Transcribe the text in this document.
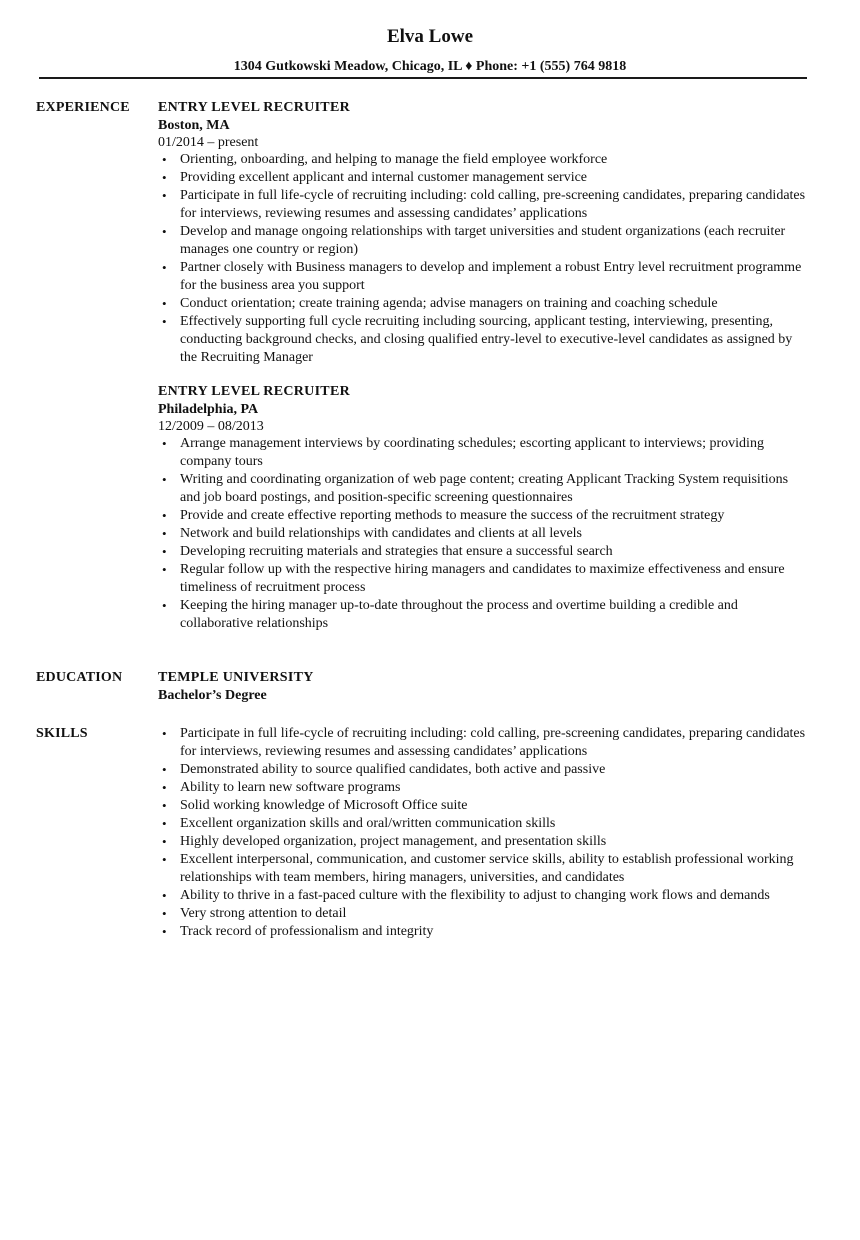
Elva Lowe
1304 Gutkowski Meadow, Chicago, IL ♦ Phone: +1 (555) 764 9818
EXPERIENCE ENTRY LEVEL RECRUITER
Boston, MA
01/2014 – present
• Orienting, onboarding, and helping to manage the field employee workforce
• Providing excellent applicant and internal customer management service
• Participate in full life-cycle of recruiting including: cold calling, pre-screening candidates, preparing candidates for interviews, reviewing resumes and assessing candidates’ applications
• Develop and manage ongoing relationships with target universities and student organizations (each recruiter manages one country or region)
• Partner closely with Business managers to develop and implement a robust Entry level recruitment programme for the business area you support
• Conduct orientation; create training agenda; advise managers on training and coaching schedule
• Effectively supporting full cycle recruiting including sourcing, applicant testing, interviewing, presenting, conducting background checks, and closing qualified entry-level to executive-level candidates as assigned by the Recruiting Manager
ENTRY LEVEL RECRUITER
Philadelphia, PA
12/2009 – 08/2013
• Arrange management interviews by coordinating schedules; escorting applicant to interviews; providing company tours
• Writing and coordinating organization of web page content; creating Applicant Tracking System requisitions and job board postings, and position-specific screening questionnaires
• Provide and create effective reporting methods to measure the success of the recruitment strategy
• Network and build relationships with candidates and clients at all levels
• Developing recruiting materials and strategies that ensure a successful search
• Regular follow up with the respective hiring managers and candidates to maximize effectiveness and ensure timeliness of recruitment process
• Keeping the hiring manager up-to-date throughout the process and overtime building a credible and collaborative relationships
EDUCATION	TEMPLE UNIVERSITY
Bachelor’s Degree
SKILLS
•	Participate in full life-cycle of recruiting including: cold calling, pre-screening candidates, preparing candidates for interviews, reviewing resumes and assessing candidates’ applications
• Demonstrated ability to source qualified candidates, both active and passive
• Ability to learn new software programs
• Solid working knowledge of Microsoft Office suite
• Excellent organization skills and oral/written communication skills
• Highly developed organization, project management, and presentation skills
• Excellent interpersonal, communication, and customer service skills, ability to establish professional working relationships with team members, hiring managers, universities, and candidates
• Ability to thrive in a fast-paced culture with the flexibility to adjust to changing work flows and demands
• Very strong attention to detail
• Track record of professionalism and integrity
